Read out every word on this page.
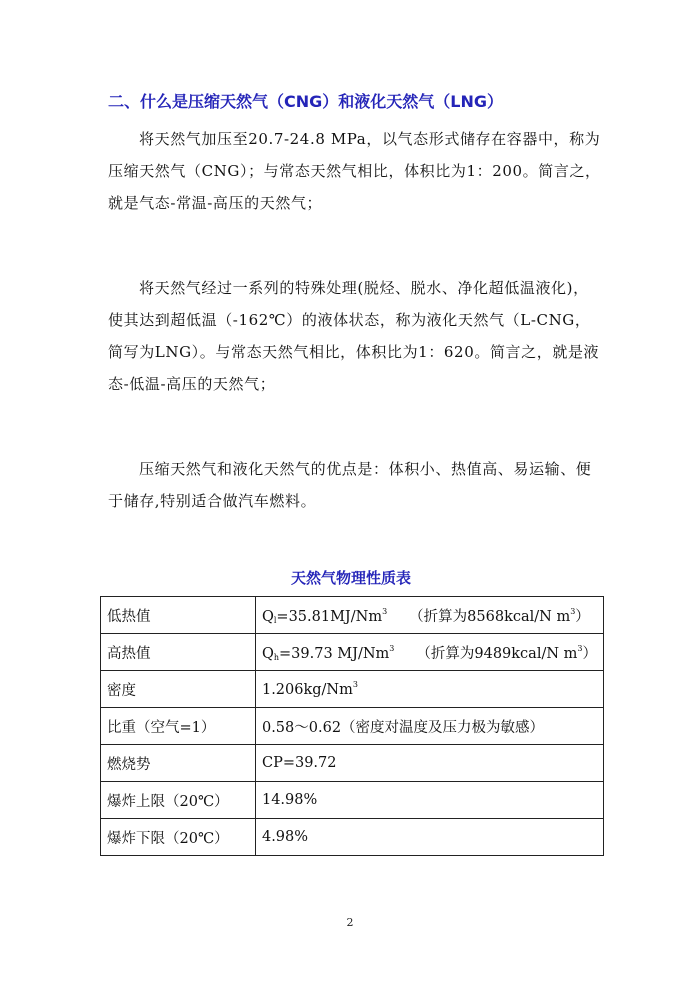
二、什么是压缩天然气（CNG）和液化天然气（LNG）

将天然气加压至20.7-24.8 MPa，以气态形式储存在容器中，称为压缩天然气（CNG）；与常态天然气相比，体积比为1：200。简言之，就是气态-常温-高压的天然气；

将天然气经过一系列的特殊处理(脱烃、脱水、净化超低温液化)，使其达到超低温（-162℃）的液体状态，称为液化天然气（L-CNG，简写为LNG）。与常态天然气相比，体积比为1：620。简言之，就是液态-低温-高压的天然气；

压缩天然气和液化天然气的优点是：体积小、热值高、易运输、便于储存,特别适合做汽车燃料。

天然气物理性质表
低热值	$Q_l=35.81MJ/Nm^3$ （折算为8568kcal/N $m^3$）
高热值	$Q_h=39.73$ MJ/Nm$^3$ （折算为9489kcal/N $m^3$）
密度	1.206kg/Nm$^3$
比重（空气=1）	0.58～0.62（密度对温度及压力极为敏感）
燃烧势	CP=39.72
爆炸上限（20℃）	14.98%
爆炸下限（20℃）	4.98%
2
